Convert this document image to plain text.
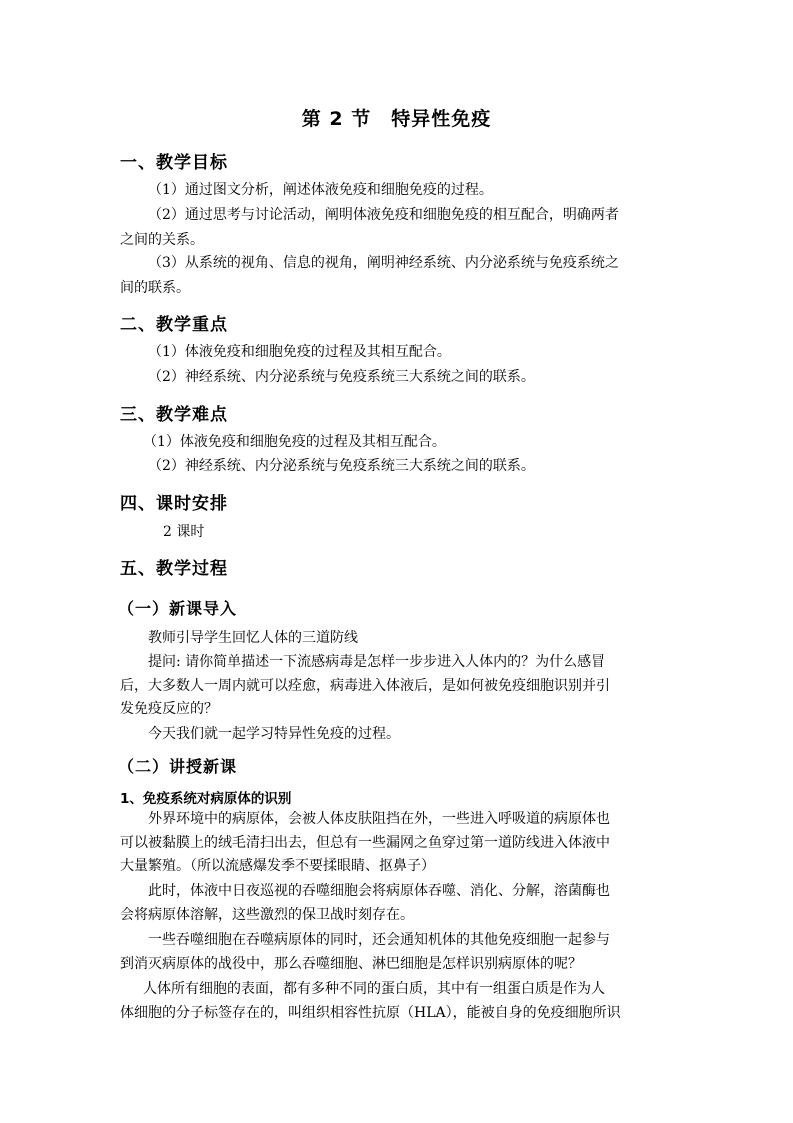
第 2 节　特异性免疫
一、教学目标
（1）通过图文分析，阐述体液免疫和细胞免疫的过程。
（2）通过思考与讨论活动，阐明体液免疫和细胞免疫的相互配合，明确两者
之间的关系。
（3）从系统的视角、信息的视角，阐明神经系统、内分泌系统与免疫系统之
间的联系。
二、教学重点
（1）体液免疫和细胞免疫的过程及其相互配合。
（2）神经系统、内分泌系统与免疫系统三大系统之间的联系。
三、教学难点
（1）体液免疫和细胞免疫的过程及其相互配合。
（2）神经系统、内分泌系统与免疫系统三大系统之间的联系。
四、课时安排
2 课时
五、教学过程
（一）新课导入
教师引导学生回忆人体的三道防线
提问: 请你简单描述一下流感病毒是怎样一步步进入人体内的？为什么感冒
后，大多数人一周内就可以痊愈，病毒进入体液后，是如何被免疫细胞识别并引
发免疫反应的？
今天我们就一起学习特异性免疫的过程。
（二）讲授新课
1、免疫系统对病原体的识别
外界环境中的病原体，会被人体皮肤阻挡在外，一些进入呼吸道的病原体也
可以被黏膜上的绒毛清扫出去，但总有一些漏网之鱼穿过第一道防线进入体液中
大量繁殖。（所以流感爆发季不要揉眼睛、抠鼻子）
此时，体液中日夜巡视的吞噬细胞会将病原体吞噬、消化、分解，溶菌酶也
会将病原体溶解，这些激烈的保卫战时刻存在。
一些吞噬细胞在吞噬病原体的同时，还会通知机体的其他免疫细胞一起参与
到消灭病原体的战役中，那么吞噬细胞、淋巴细胞是怎样识别病原体的呢？
人体所有细胞的表面，都有多种不同的蛋白质，其中有一组蛋白质是作为人
体细胞的分子标签存在的，叫组织相容性抗原（HLA），能被自身的免疫细胞所识
